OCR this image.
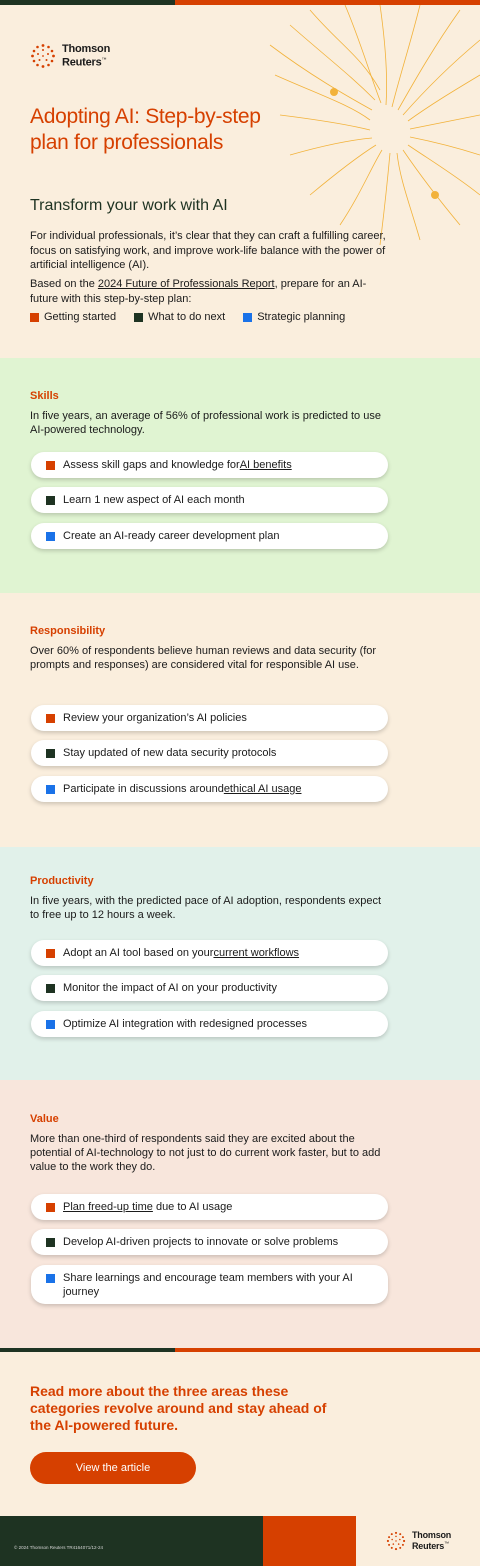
Thomson
Reuters™
Adopting AI: Step-by-step plan for professionals
Transform your work with AI

For individual professionals, it’s clear that they can craft a fulfilling career, focus on satisfying work, and improve work-life balance with the power of artificial intelligence (AI).

Based on the 2024 Future of Professionals Report, prepare for an AI-future with this step-by-step plan:

Getting started	What to do next	Strategic planning
Skills

In five years, an average of 56% of professional work is predicted to use AI-powered technology.

Assess skill gaps and knowledge for AI benefits
Learn 1 new aspect of AI each month
Create an AI-ready career development plan
Responsibility

Over 60% of respondents believe human reviews and data security (for prompts and responses) are considered vital for responsible AI use.

Review your organization’s AI policies
Stay updated of new data security protocols
Participate in discussions around ethical AI usage
Productivity

In five years, with the predicted pace of AI adoption, respondents expect to free up to 12 hours a week.

Adopt an AI tool based on your current workflows
Monitor the impact of AI on your productivity
Optimize AI integration with redesigned processes
Value

More than one-third of respondents said they are excited about the potential of AI-technology to not just to do current work faster, but to add value to the work they do.

Plan freed-up time due to AI usage
Develop AI-driven projects to innovate or solve problems
Share learnings and encourage team members with your AI journey

Read more about the three areas these categories revolve around and stay ahead of the AI-powered future.

View the article
© 2024 Thomson Reuters TR4164071/12-24
Thomson
Reuters™
